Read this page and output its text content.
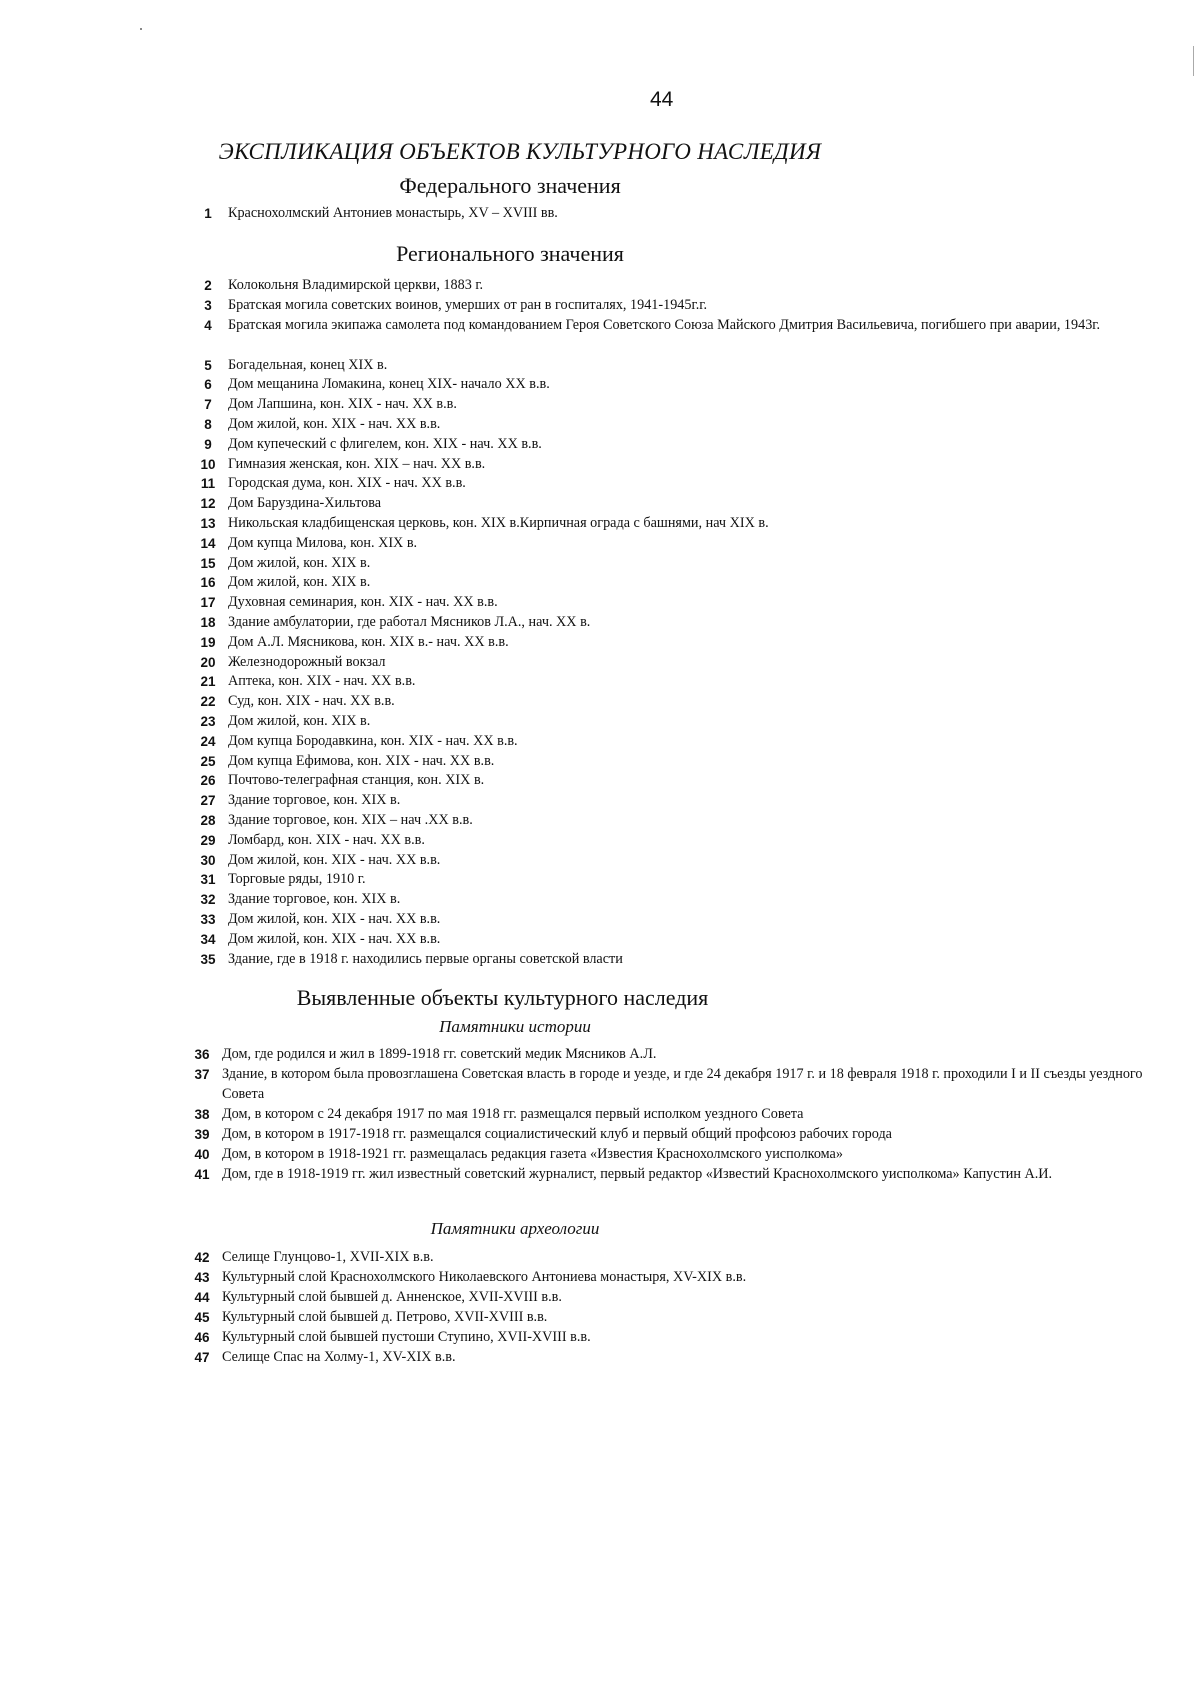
44
ЭКСПЛИКАЦИЯ ОБЪЕКТОВ КУЛЬТУРНОГО НАСЛЕДИЯ
Федерального значения
1	Краснохолмский Антониев монастырь, XV – XVIII вв.
Регионального значения
2	Колокольня Владимирской церкви, 1883 г.
3	Братская могила советских воинов, умерших от ран в госпиталях, 1941-1945г.г.
4	Братская могила экипажа самолета под командованием Героя Советского Союза Майского Дмитрия Васильевича, погибшего при аварии, 1943г.
5	Богадельная, конец XIX в.
6	Дом мещанина Ломакина, конец XIX- начало XX в.в.
7	Дом Лапшина, кон. XIX - нач. XX в.в.
8	Дом жилой, кон. XIX - нач. XX в.в.
9	Дом купеческий с флигелем, кон. XIX - нач. XX в.в.
10 Гимназия женская, кон. XIX – нач. XX в.в.
11 Городская дума, кон. XIX - нач. XX в.в.
12 Дом Баруздина-Хильтова
13 Никольская кладбищенская церковь, кон. XIX в.Кирпичная ограда с башнями, нач XIX в.
14 Дом купца Милова, кон. XIX в.
15 Дом жилой, кон. XIX в.
16 Дом жилой, кон. XIX в.
17 Духовная семинария, кон. XIX - нач. XX в.в.
18 Здание амбулатории, где работал Мясников Л.А., нач. XX в.
19 Дом А.Л. Мясникова, кон. XIX в.- нач. XX в.в.
20 Железнодорожный вокзал
21 Аптека, кон. XIX - нач. XX в.в.
22 Суд, кон. XIX - нач. XX в.в.
23 Дом жилой, кон. XIX в.
24 Дом купца Бородавкина, кон. XIX - нач. XX в.в.
25 Дом купца Ефимова, кон. XIX - нач. XX в.в.
26 Почтово-телеграфная станция, кон. XIX в.
27 Здание торговое, кон. XIX в.
28 Здание торговое, кон. XIX – нач .XX в.в.
29 Ломбард, кон. XIX - нач. XX в.в.
30 Дом жилой, кон. XIX - нач. XX в.в.
31 Торговые ряды, 1910 г.
32 Здание торговое, кон. XIX в.
33 Дом жилой, кон. XIX - нач. XX в.в.
34 Дом жилой, кон. XIX - нач. XX в.в.
35 Здание, где в 1918 г. находились первые органы советской власти
Выявленные объекты культурного наследия
Памятники истории
36 Дом, где родился и жил в 1899-1918 гг. советский медик Мясников А.Л.
37 Здание, в котором была провозглашена Советская власть в городе и уезде, и где 24 декабря 1917 г. и 18 февраля 1918 г. проходили I и II съезды уездного Совета
38 Дом, в котором с 24 декабря 1917 по мая 1918 гг. размещался первый исполком уездного Совета
39 Дом, в котором в 1917-1918 гг. размещался социалистический клуб и первый общий профсоюз рабочих города
40 Дом, в котором в 1918-1921 гг. размещалась редакция газета «Известия Краснохолмского уисполкома»
41 Дом, где в 1918-1919 гг. жил известный советский журналист, первый редактор «Известий Краснохолмского уисполкома» Капустин А.И.
Памятники археологии
42 Селище Глунцово-1, XVII-XIX в.в.
43 Культурный слой Краснохолмского Николаевского Антониева монастыря, XV-XIX в.в.
44 Культурный слой бывшей д. Анненское, XVII-XVIII в.в.
45 Культурный слой бывшей д. Петрово, XVII-XVIII в.в.
46 Культурный слой бывшей пустоши Ступино, XVII-XVIII в.в.
47 Селище Спас на Холму-1, XV-XIX в.в.
